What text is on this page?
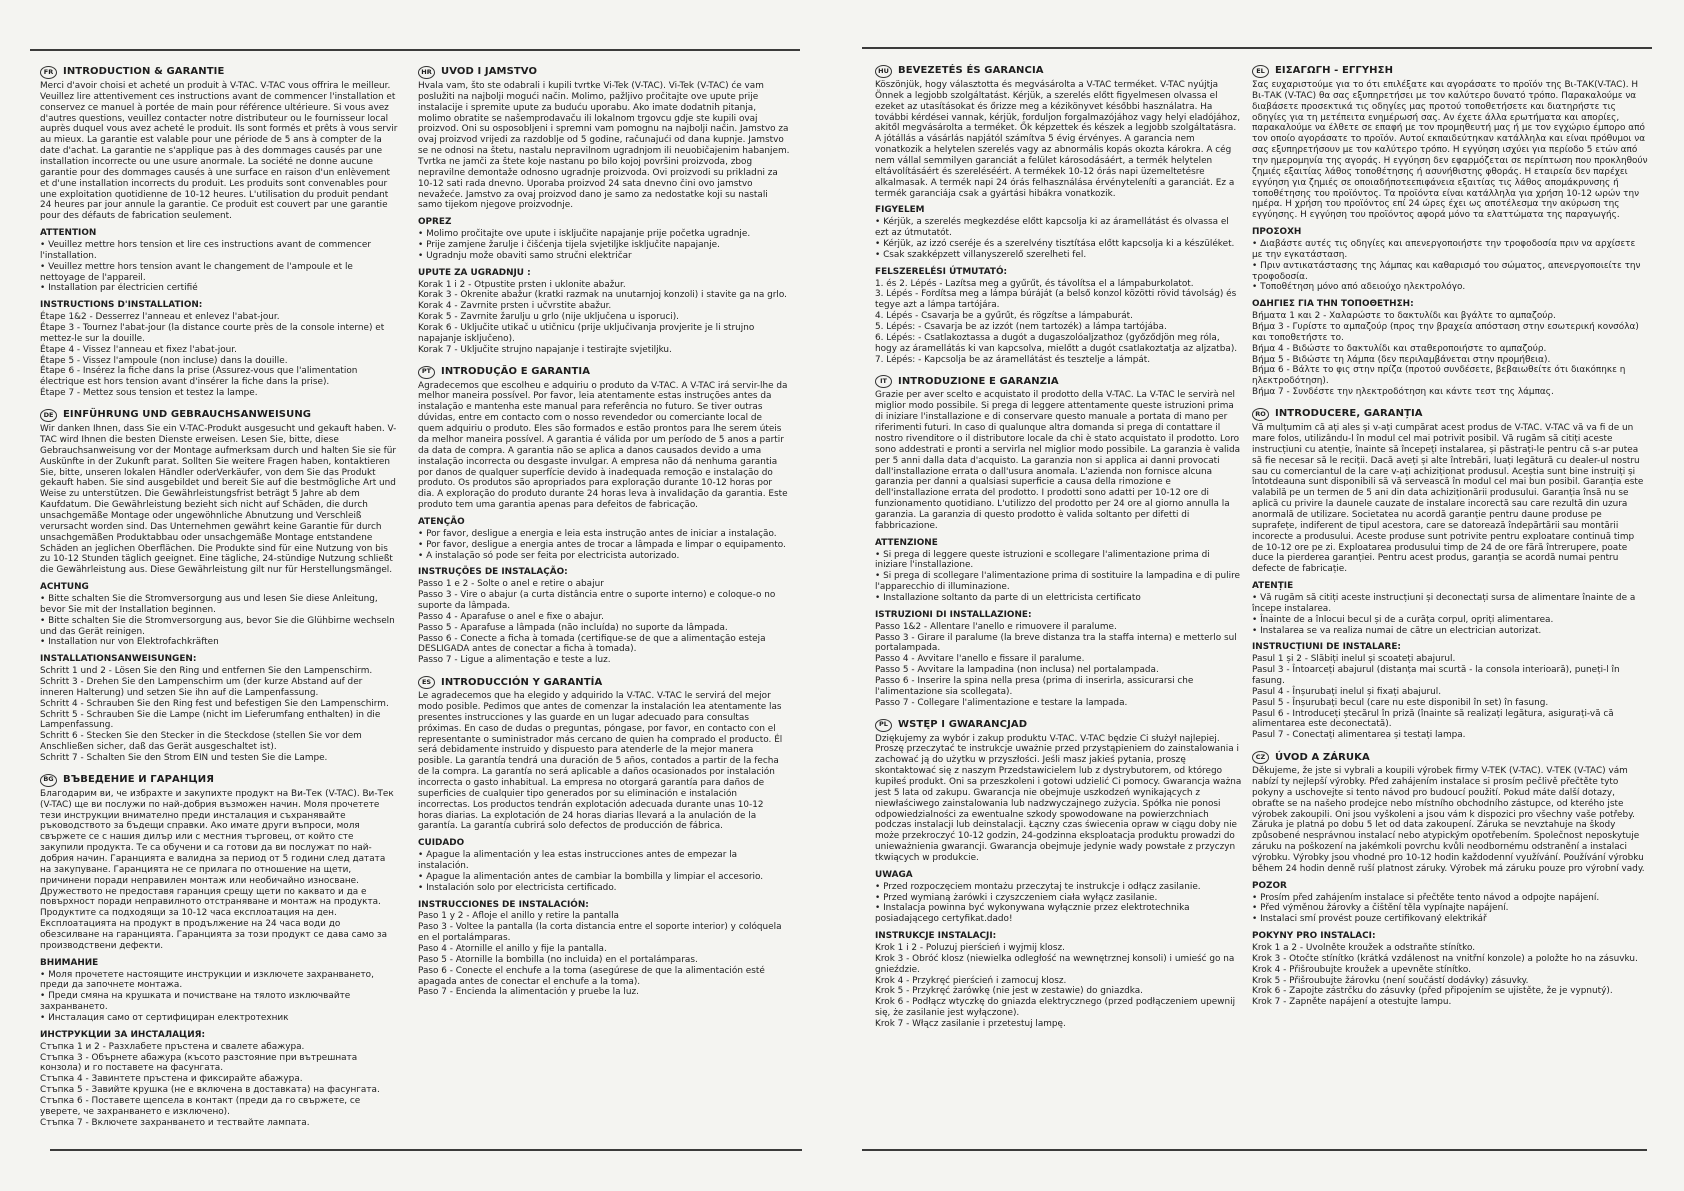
FR INTRODUCTION & GARANTIE

Merci d'avoir choisi et acheté un produit à V-TAC. V-TAC vous offrira le meilleur. Veuillez lire attentivement ces instructions avant de commencer l'installation et conservez ce manuel à portée de main pour référence ultérieure. Si vous avez d'autres questions, veuillez contacter notre distributeur ou le fournisseur local auprès duquel vous avez acheté le produit. Ils sont formés et prêts à vous servir au mieux. La garantie est valable pour une période de 5 ans à compter de la date d'achat. La garantie ne s'applique pas à des dommages causés par une installation incorrecte ou une usure anormale. La société ne donne aucune garantie pour des dommages causés à une surface en raison d'un enlèvement et d'une installation incorrects du produit. Les produits sont convenables pour une exploitation quotidienne de 10-12 heures. L'utilisation du produit pendant 24 heures par jour annule la garantie. Ce produit est couvert par une garantie pour des défauts de fabrication seulement.

ATTENTION
• Veuillez mettre hors tension et lire ces instructions avant de commencer l'installation.
• Veuillez mettre hors tension avant le changement de l'ampoule et le nettoyage de l'appareil.
• Installation par électricien certifié
INSTRUCTIONS D'INSTALLATION:
Étape 1&2 - Desserrez l'anneau et enlevez l'abat-jour.
Étape 3 - Tournez l'abat-jour (la distance courte près de la console interne) et mettez-le sur la douille.
Étape 4 - Vissez l'anneau et fixez l'abat-jour.
Étape 5 - Vissez l'ampoule (non incluse) dans la douille.
Étape 6 - Insérez la fiche dans la prise (Assurez-vous que l'alimentation électrique est hors tension avant d'insérer la fiche dans la prise).
Étape 7 - Mettez sous tension et testez la lampe.
DE EINFÜHRUNG UND GEBRAUCHSANWEISUNG

Wir danken Ihnen, dass Sie ein V-TAC-Produkt ausgesucht und gekauft haben. V-TAC wird Ihnen die besten Dienste erweisen. Lesen Sie, bitte, diese Gebrauchsanweisung vor der Montage aufmerksam durch und halten Sie sie für Auskünfte in der Zukunft parat. Sollten Sie weitere Fragen haben, kontaktieren Sie, bitte, unseren lokalen Händler oderVerkäufer, von dem Sie das Produkt gekauft haben. Sie sind ausgebildet und bereit Sie auf die bestmögliche Art und Weise zu unterstützen. Die Gewährleistungsfrist beträgt 5 Jahre ab dem Kaufdatum. Die Gewährleistung bezieht sich nicht auf Schäden, die durch unsachgemäße Montage oder ungewöhnliche Abnutzung und Verschleiß verursacht worden sind. Das Unternehmen gewährt keine Garantie für durch unsachgemäßen Produktabbau oder unsachgemäße Montage entstandene Schäden an jeglichen Oberflächen. Die Produkte sind für eine Nutzung von bis zu 10-12 Stunden täglich geeignet. Eine tägliche, 24-stündige Nutzung schließt die Gewährleistung aus. Diese Gewährleistung gilt nur für Herstellungsmängel.

ACHTUNG
• Bitte schalten Sie die Stromversorgung aus und lesen Sie diese Anleitung, bevor Sie mit der Installation beginnen.
• Bitte schalten Sie die Stromversorgung aus, bevor Sie die Glühbirne wechseln und das Gerät reinigen.
• Installation nur von Elektrofachkräften
INSTALLATIONSANWEISUNGEN:
Schritt 1 und 2 - Lösen Sie den Ring und entfernen Sie den Lampenschirm.
Schritt 3 - Drehen Sie den Lampenschirm um (der kurze Abstand auf der inneren Halterung) und setzen Sie ihn auf die Lampenfassung.
Schritt 4 - Schrauben Sie den Ring fest und befestigen Sie den Lampenschirm.
Schritt 5 - Schrauben Sie die Lampe (nicht im Lieferumfang enthalten) in die Lampenfassung.
Schritt 6 - Stecken Sie den Stecker in die Steckdose (stellen Sie vor dem Anschließen sicher, daß das Gerät ausgeschaltet ist).
Schritt 7 - Schalten Sie den Strom EIN und testen Sie die Lampe.
BG ВЪВЕДЕНИЕ И ГАРАНЦИЯ

Благодарим ви, че избрахте и закупихте продукт на Ви-Тек (V-TAC). Ви-Тек (V-TAC) ще ви послужи по най-добрия възможен начин. Моля прочетете тези инструкции внимателно преди инсталация и съхранявайте ръководството за бъдещи справки. Ако имате други въпроси, моля свържете се с нашия дилър или с местния търговец, от който сте закупили продукта. Те са обучени и са готови да ви послужат по най-добрия начин. Гаранцията е валидна за период от 5 години след датата на закупуване. Гаранцията не се прилага по отношение на щети, причинени поради неправилен монтаж или необичайно износване. Дружеството не предоставя гаранция срещу щети по каквато и да е повърхност поради неправилното отстраняване и монтаж на продукта. Продуктите са подходящи за 10-12 часа експлоатация на ден. Експлоатацията на продукт в продължение на 24 часа води до обезсилване на гаранцията. Гаранцията за този продукт се дава само за производствени дефекти.

ВНИМАНИЕ
• Моля прочетете настоящите инструкции и изключете захранването, преди да започнете монтажа.
• Преди смяна на крушката и почистване на тялото изключвайте захранването.
• Инсталация само от сертифициран електротехник
ИНСТРУКЦИИ ЗА ИНСТАЛАЦИЯ:
Стъпка 1 и 2 - Разхлабете пръстена и свалете абажура.
Стъпка 3 - Обърнете абажура (късото разстояние при вътрешната конзола) и го поставете на фасунгата.
Стъпка 4 - Завинтете пръстена и фиксирайте абажура.
Стъпка 5 - Завийте крушка (не е включена в доставката) на фасунгата.
Стъпка 6 - Поставете щепсела в контакт (преди да го свържете, се уверете, че захранването е изключено).
Стъпка 7 - Включете захранването и тествайте лампата.
HR UVOD I JAMSTVO

Hvala vam, što ste odabrali i kupili tvrtke Vi-Tek (V-TAC). Vi-Tek (V-TAC) će vam poslužiti na najbolji mogući način. Molimo, pažljivo pročitajte ove upute prije instalacije i spremite upute za buduću uporabu. Ako imate dodatnih pitanja, molimo obratite se našemprodavaču ili lokalnom trgovcu gdje ste kupili ovaj proizvod. Oni su osposobljeni i spremni vam pomognu na najbolji način. Jamstvo za ovaj proizvod vrijedi za razdoblje od 5 godine, računajući od dana kupnje. Jamstvo se ne odnosi na štetu, nastalu nepravilnom ugradnjom ili neuobičajenim habanjem. Tvrtka ne jamči za štete koje nastanu po bilo kojoj površini proizvoda, zbog nepravilne demontaže odnosno ugradnje proizvoda. Ovi proizvodi su prikladni za 10-12 sati rada dnevno. Uporaba proizvod 24 sata dnevno čini ovo jamstvo nevažeće. Jamstvo za ovaj proizvod dano je samo za nedostatke koji su nastali samo tijekom njegove proizvodnje.

OPREZ
• Molimo pročitajte ove upute i isključite napajanje prije početka ugradnje.
• Prije zamjene žarulje i čišćenja tijela svjetiljke isključite napajanje.
• Ugradnju može obaviti samo stručni električar
UPUTE ZA UGRADNJU :
Korak 1 i 2 - Otpustite prsten i uklonite abažur.
Korak 3 - Okrenite abažur (kratki razmak na unutarnjoj konzoli) i stavite ga na grlo.
Korak 4 - Zavrnite prsten i učvrstite abažur.
Korak 5 - Zavrnite žarulju u grlo (nije uključena u isporuci).
Korak 6 - Uključite utikač u utičnicu (prije uključivanja provjerite je li strujno napajanje isključeno).
Korak 7 - Uključite strujno napajanje i testirajte svjetiljku.
PT INTRODUÇÃO E GARANTIA

Agradecemos que escolheu e adquiriu o produto da V-TAC. A V-TAC irá servir-lhe da melhor maneira possível. Por favor, leia atentamente estas instruções antes da instalação e mantenha este manual para referência no futuro. Se tiver outras dúvidas, entre em contacto com o nosso revendedor ou comerciante local de quem adquiriu o produto. Eles são formados e estão prontos para lhe serem úteis da melhor maneira possível. A garantia é válida por um período de 5 anos a partir da data de compra. A garantia não se aplica a danos causados devido a uma instalação incorrecta ou desgaste invulgar. A empresa não dá nenhuma garantia por danos de qualquer superfície devido à inadequada remoção e instalação do produto. Os produtos são apropriados para exploração durante 10-12 horas por dia. A exploração do produto durante 24 horas leva à invalidação da garantia. Este produto tem uma garantia apenas para defeitos de fabricação.

ATENÇÃO
• Por favor, desligue a energia e leia esta instrução antes de iniciar a instalação.
• Por favor, desligue a energia antes de trocar a lâmpada e limpar o equipamento.
• A instalação só pode ser feita por electricista autorizado.
INSTRUÇÕES DE INSTALAÇÃO:
Passo 1 e 2 - Solte o anel e retire o abajur
Passo 3 - Vire o abajur (a curta distância entre o suporte interno) e coloque-o no suporte da lâmpada.
Passo 4 - Aparafuse o anel e fixe o abajur.
Passo 5 - Aparafuse a lâmpada (não incluída) no suporte da lâmpada.
Passo 6 - Conecte a ficha à tomada (certifique-se de que a alimentação esteja DESLIGADA antes de conectar a ficha à tomada).
Passo 7 - Ligue a alimentação e teste a luz.
ES INTRODUCCIÓN Y GARANTÍA

Le agradecemos que ha elegido y adquirido la V-TAC. V-TAC le servirá del mejor modo posible. Pedimos que antes de comenzar la instalación lea atentamente las presentes instrucciones y las guarde en un lugar adecuado para consultas próximas. En caso de dudas o preguntas, póngase, por favor, en contacto con el representante o suministrador más cercano de quien ha comprado el producto. Él será debidamente instruido y dispuesto para atenderle de la mejor manera posible. La garantía tendrá una duración de 5 años, contados a partir de la fecha de la compra. La garantía no será aplicable a daños ocasionados por instalación incorrecta o gasto inhabitual. La empresa no otorgará garantía para daños de superficies de cualquier tipo generados por su eliminación e instalación incorrectas. Los productos tendrán explotación adecuada durante unas 10-12 horas diarias. La explotación de 24 horas diarias llevará a la anulación de la garantía. La garantía cubrirá solo defectos de producción de fábrica.

CUIDADO
• Apague la alimentación y lea estas instrucciones antes de empezar la instalación.
• Apague la alimentación antes de cambiar la bombilla y limpiar el accesorio.
• Instalación solo por electricista certificado.
INSTRUCCIONES DE INSTALACIÓN:
Paso 1 y 2 - Afloje el anillo y retire la pantalla
Paso 3 - Voltee la pantalla (la corta distancia entre el soporte interior) y colóquela en el portalámparas.
Paso 4 - Atornille el anillo y fije la pantalla.
Paso 5 - Atornille la bombilla (no incluida) en el portalámparas.
Paso 6 - Conecte el enchufe a la toma (asegúrese de que la alimentación esté apagada antes de conectar el enchufe a la toma).
Paso 7 - Encienda la alimentación y pruebe la luz.
HU BEVEZETÉS ÉS GARANCIA

Köszönjük, hogy választotta és megvásárolta a V-TAC terméket. V-TAC nyújtja Önnek a legjobb szolgáltatást. Kérjük, a szerelés előtt figyelmesen olvassa el ezeket az utasításokat és őrizze meg a kézikönyvet későbbi használatra. Ha további kérdései vannak, kérjük, forduljon forgalmazójához vagy helyi eladójához, akitől megvásárolta a terméket. Ők képzettek és készek a legjobb szolgáltatásra. A jótállás a vásárlás napjától számítva 5 évig érvényes. A garancia nem vonatkozik a helytelen szerelés vagy az abnormális kopás okozta károkra. A cég nem vállal semmilyen garanciát a felület károsodásáért, a termék helytelen eltávolításáért és szereléséért. A termékek 10-12 órás napi üzemeltetésre alkalmasak. A termék napi 24 órás felhasználása érvényteleníti a garanciát. Ez a termék garanciája csak a gyártási hibákra vonatkozik.

FIGYELEM
• Kérjük, a szerelés megkezdése előtt kapcsolja ki az áramellátást és olvassa el ezt az útmutatót.
• Kérjük, az izzó cseréje és a szerelvény tisztítása előtt kapcsolja ki a készüléket.
• Csak szakképzett villanyszerelő szerelheti fel.
FELSZERELÉSI ÚTMUTATÓ:
1. és 2. Lépés - Lazítsa meg a gyűrűt, és távolítsa el a lámpaburkolatot.
3. Lépés - Fordítsa meg a lámpa búráját (a belső konzol közötti rövid távolság) és tegye azt a lámpa tartójára.
4. Lépés - Csavarja be a gyűrűt, és rögzítse a lámpaburát.
5. Lépés: - Csavarja be az izzót (nem tartozék) a lámpa tartójába.
6. Lépés: - Csatlakoztassa a dugót a dugaszolóaljzathoz (győződjön meg róla, hogy az áramellátás ki van kapcsolva, mielőtt a dugót csatlakoztatja az aljzatba).
7. Lépés: - Kapcsolja be az áramellátást és tesztelje a lámpát.
IT	INTRODUZIONE E GARANZIA

Grazie per aver scelto e acquistato il prodotto della V-TAC. La V-TAC le servirà nel miglior modo possibile. Si prega di leggere attentamente queste istruzioni prima di iniziare l'installazione e di conservare questo manuale a portata di mano per riferimenti futuri. In caso di qualunque altra domanda si prega di contattare il nostro rivenditore o il distributore locale da chi è stato acquistato il prodotto. Loro sono addestrati e pronti a servirla nel miglior modo possibile. La garanzia è valida per 5 anni dalla data d'acquisto. La garanzia non si applica ai danni provocati dall'installazione errata o dall'usura anomala. L'azienda non fornisce alcuna garanzia per danni a qualsiasi superficie a causa della rimozione e dell'installazione errata del prodotto. I prodotti sono adatti per 10-12 ore di funzionamento quotidiano. L'utilizzo del prodotto per 24 ore al giorno annulla la garanzia. La garanzia di questo prodotto è valida soltanto per difetti di fabbricazione.

ATTENZIONE
• Si prega di leggere queste istruzioni e scollegare l'alimentazione prima di iniziare l'installazione.
• Si prega di scollegare l'alimentazione prima di sostituire la lampadina e di pulire l'apparecchio di illuminazione.
• Installazione soltanto da parte di un elettricista certificato
ISTRUZIONI DI INSTALLAZIONE:
Passo 1&2 - Allentare l'anello e rimuovere il paralume.
Passo 3 - Girare il paralume (la breve distanza tra la staffa interna) e metterlo sul portalampada.
Passo 4 - Avvitare l'anello e fissare il paralume.
Passo 5 - Avvitare la lampadina (non inclusa) nel portalampada.
Passo 6 - Inserire la spina nella presa (prima di inserirla, assicurarsi che l'alimentazione sia scollegata).
Passo 7 - Collegare l'alimentazione e testare la lampada.
PL	WSTĘP I GWARANCJAD

Dziękujemy za wybór i zakup produktu V-TAC. V-TAC będzie Ci służył najlepiej. Proszę przeczytać te instrukcje uważnie przed przystąpieniem do zainstalowania i zachować ją do użytku w przyszłości. Jeśli masz jakieś pytania, proszę skontaktować się z naszym Przedstawicielem lub z dystrybutorem, od którego kupiłeś produkt. Oni sa przeszkoleni i gotowi udzielić Ci pomocy. Gwarancja ważna jest 5 lata od zakupu. Gwarancja nie obejmuje uszkodzeń wynikających z niewłaściwego zainstalowania lub nadzwyczajnego zużycia. Spółka nie ponosi odpowiedzialności za ewentualne szkody spowodowane na powierzchniach podczas instalacji lub deinstalacji. Łączny czas świecenia opraw w ciągu doby nie może przekroczyć 10-12 godzin, 24-godzinna eksploatacja produktu prowadzi do unieważnienia gwarancji. Gwarancja obejmuje jedynie wady powstałe z przyczyn tkwiących w produkcie.

UWAGA
• Przed rozpoczęciem montażu przeczytaj te instrukcje i odłącz zasilanie.
• Przed wymianą żarówki i czyszczeniem ciała wyłącz zasilanie.
• Instalacja powinna być wykonywana wyłącznie przez elektrotechnika posiadającego certyfikat.dado!
INSTRUKCJE INSTALACJI:
Krok 1 i 2 - Poluzuj pierścień i wyjmij klosz.
Krok 3 - Obróć klosz (niewielka odległość na wewnętrznej konsoli) i umieść go na gnieździe.
Krok 4 - Przykręć pierścień i zamocuj klosz.
Krok 5 - Przykręć żarówkę (nie jest w zestawie) do gniazdka.
Krok 6 - Podłącz wtyczkę do gniazda elektrycznego (przed podłączeniem upewnij się, że zasilanie jest wyłączone).
Krok 7 - Włącz zasilanie i przetestuj lampę.
EL	ΕΙΣΑΓΩΓΗ - ΕΓΓΥΗΣΗ

Σας ευχαριστούμε για το ότι επιλέξατε και αγοράσατε το προϊόν της Βι-ΤΑΚ(V-TAC). Η Βι-ΤΑΚ (V-TAC) θα σας εξυπηρετήσει με τον καλύτερο δυνατό τρόπο. Παρακαλούμε να διαβάσετε προσεκτικά τις οδηγίες μας προτού τοποθετήσετε και διατηρήστε τις οδηγίες για τη μετέπειτα ενημέρωσή σας. Αν έχετε άλλα ερωτήματα και απορίες, παρακαλούμε να έλθετε σε επαφή με τον προμηθευτή μας ή με τον εγχώριο έμπορο από τον οποίο αγοράσατε το προϊόν. Αυτοί εκπαιδεύτηκαν κατάλληλα και είναι πρόθυμοι να σας εξυπηρετήσουν με τον καλύτερο τρόπο. Η εγγύηση ισχύει για περίοδο 5 ετών από την ημερομηνία της αγοράς. Η εγγύηση δεν εφαρμόζεται σε περίπτωση που προκληθούν ζημιές εξαιτίας λάθος τοποθέτησης ή ασυνήθιστης φθοράς. Η εταιρεία δεν παρέχει εγγύηση για ζημιές σε οποιαδήποτεεπιφάνεια εξαιτίας τις λάθος απομάκρυνσης ή τοποθέτησης του προϊόντος. Τα προϊόντα είναι κατάλληλα για χρήση 10-12 ωρών την ημέρα. Η χρήση του προϊόντος επί 24 ώρες έχει ως αποτέλεσμα την ακύρωση της εγγύησης. Η εγγύηση του προϊόντος αφορά μόνο τα ελαττώματα της παραγωγής.

ΠΡΟΣΟΧΗ
• Διαβάστε αυτές τις οδηγίες και απενεργοποιήστε την τροφοδοσία πριν να αρχίσετε με την εγκατάσταση.
• Πριν αντικατάστασης της λάμπας και καθαρισμό του σώματος, απενεργοποιείτε την τροφοδοσία.
• Τοποθέτηση μόνο από αδειούχο ηλεκτρολόγο.
ΟΔΗΓΙΕΣ ΓΙΑ ΤΗΝ ΤΟΠΟΘΕΤΗΣΗ:
Βήματα 1 και 2 - Χαλαρώστε το δακτυλίδι και βγάλτε το αμπαζούρ.
Βήμα 3 - Γυρίστε το αμπαζούρ (προς την βραχεία απόσταση στην εσωτερική κονσόλα) και τοποθετήστε το.
Βήμα 4 - Βιδώστε το δακτυλίδι και σταθεροποιήστε το αμπαζούρ.
Βήμα 5 - Βιδώστε τη λάμπα (δεν περιλαμβάνεται στην προμήθεια).
Βήμα 6 - Βάλτε το φις στην πρίζα (προτού συνδέσετε, βεβαιωθείτε ότι διακόπηκε η ηλεκτροδότηση).
Βήμα 7 - Συνδέστε την ηλεκτροδότηση και κάντε τεστ της λάμπας.
RO INTRODUCERE, GARANȚIA

Vă mulțumim că ați ales și v-ați cumpărat acest produs de V-TAC. V-TAC vă va fi de un mare folos, utilizându-l în modul cel mai potrivit posibil. Vă rugăm să citiți aceste instrucțiuni cu atenție, înainte să începeți instalarea, și păstrați-le pentru că s-ar putea să fie necesar să le reciții. Dacă aveți și alte întrebări, luați legătură cu dealer-ul nostru sau cu comerciantul de la care v-ați achiziționat produsul. Aceștia sunt bine instruiți și întotdeauna sunt disponibili să vă servească în modul cel mai bun posibil. Garanția este valabilă pe un termen de 5 ani din data achiziționării produsului. Garanția însă nu se aplică cu privire la daunele cauzate de instalare incorectă sau care rezultă din uzura anormală de utilizare. Societatea nu acordă garanție pentru daune produse pe suprafețe, indiferent de tipul acestora, care se datorează îndepărtării sau montării incorecte a produsului. Aceste produse sunt potrivite pentru exploatare continuă timp de 10-12 ore pe zi. Exploatarea produsului timp de 24 de ore fără întrerupere, poate duce la pierderea garanției. Pentru acest produs, garanția se acordă numai pentru defecte de fabricație.

ATENȚIE
• Vă rugăm să citiți aceste instrucțiuni și deconectați sursa de alimentare înainte de a începe instalarea.
• Înainte de a înlocui becul și de a curăța corpul, opriți alimentarea.
• Instalarea se va realiza numai de către un electrician autorizat.
INSTRUCȚIUNI DE INSTALARE:
Pasul 1 și 2 - Slăbiți inelul și scoateți abajurul.
Pasul 3 - Întoarceți abajurul (distanța mai scurtă - la consola interioară), puneți-l în fasung.
Pasul 4 - Înșurubați inelul și fixați abajurul.
Pasul 5 - Înșurubați becul (care nu este disponibil în set) în fasung.
Pasul 6 - Introduceți ștecărul în priză (înainte să realizați legătura, asigurați-vă că alimentarea este deconectată).
Pasul 7 - Conectați alimentarea și testați lampa.
CZ ÚVOD A ZÁRUKA

Děkujeme, že jste si vybrali a koupili výrobek firmy V-TEK (V-TAC). V-TEK (V-TAC) vám nabízí ty nejlepší výrobky. Před zahájením instalace si prosím pečlivě přečtěte tyto pokyny a uschovejte si tento návod pro budoucí použití. Pokud máte další dotazy, obraťte se na našeho prodejce nebo místního obchodního zástupce, od kterého jste výrobek zakoupili. Oni jsou vyškoleni a jsou vám k dispozici pro všechny vaše potřeby. Záruka je platná po dobu 5 let od data zakoupení. Záruka se nevztahuje na škody způsobené nesprávnou instalací nebo atypickým opotřebením. Společnost neposkytuje záruku na poškození na jakémkoli povrchu kvůli neodbornému odstranění a instalaci výrobku. Výrobky jsou vhodné pro 10-12 hodin každodenní využívání. Používání výrobku během 24 hodin denně ruší platnost záruky. Výrobek má záruku pouze pro výrobní vady.

POZOR
• Prosím před zahájením instalace si přečtěte tento návod a odpojte napájení.
• Před výměnou žárovky a čištění těla vypínajte napájení.
• Instalaci smí provést pouze certifikovaný elektrikář
POKYNY PRO INSTALACI:
Krok 1 a 2 - Uvolněte kroužek a odstraňte stínítko.
Krok 3 - Otočte stínítko (krátká vzdálenost na vnitřní konzole) a položte ho na zásuvku.
Krok 4 - Přišroubujte kroužek a upevněte stínítko.
Krok 5 - Přišroubujte žárovku (není součástí dodávky) zásuvky.
Krok 6 - Zapojte zástrčku do zásuvky (před připojením se ujistěte, že je vypnutý).
Krok 7 - Zapněte napájení a otestujte lampu.
